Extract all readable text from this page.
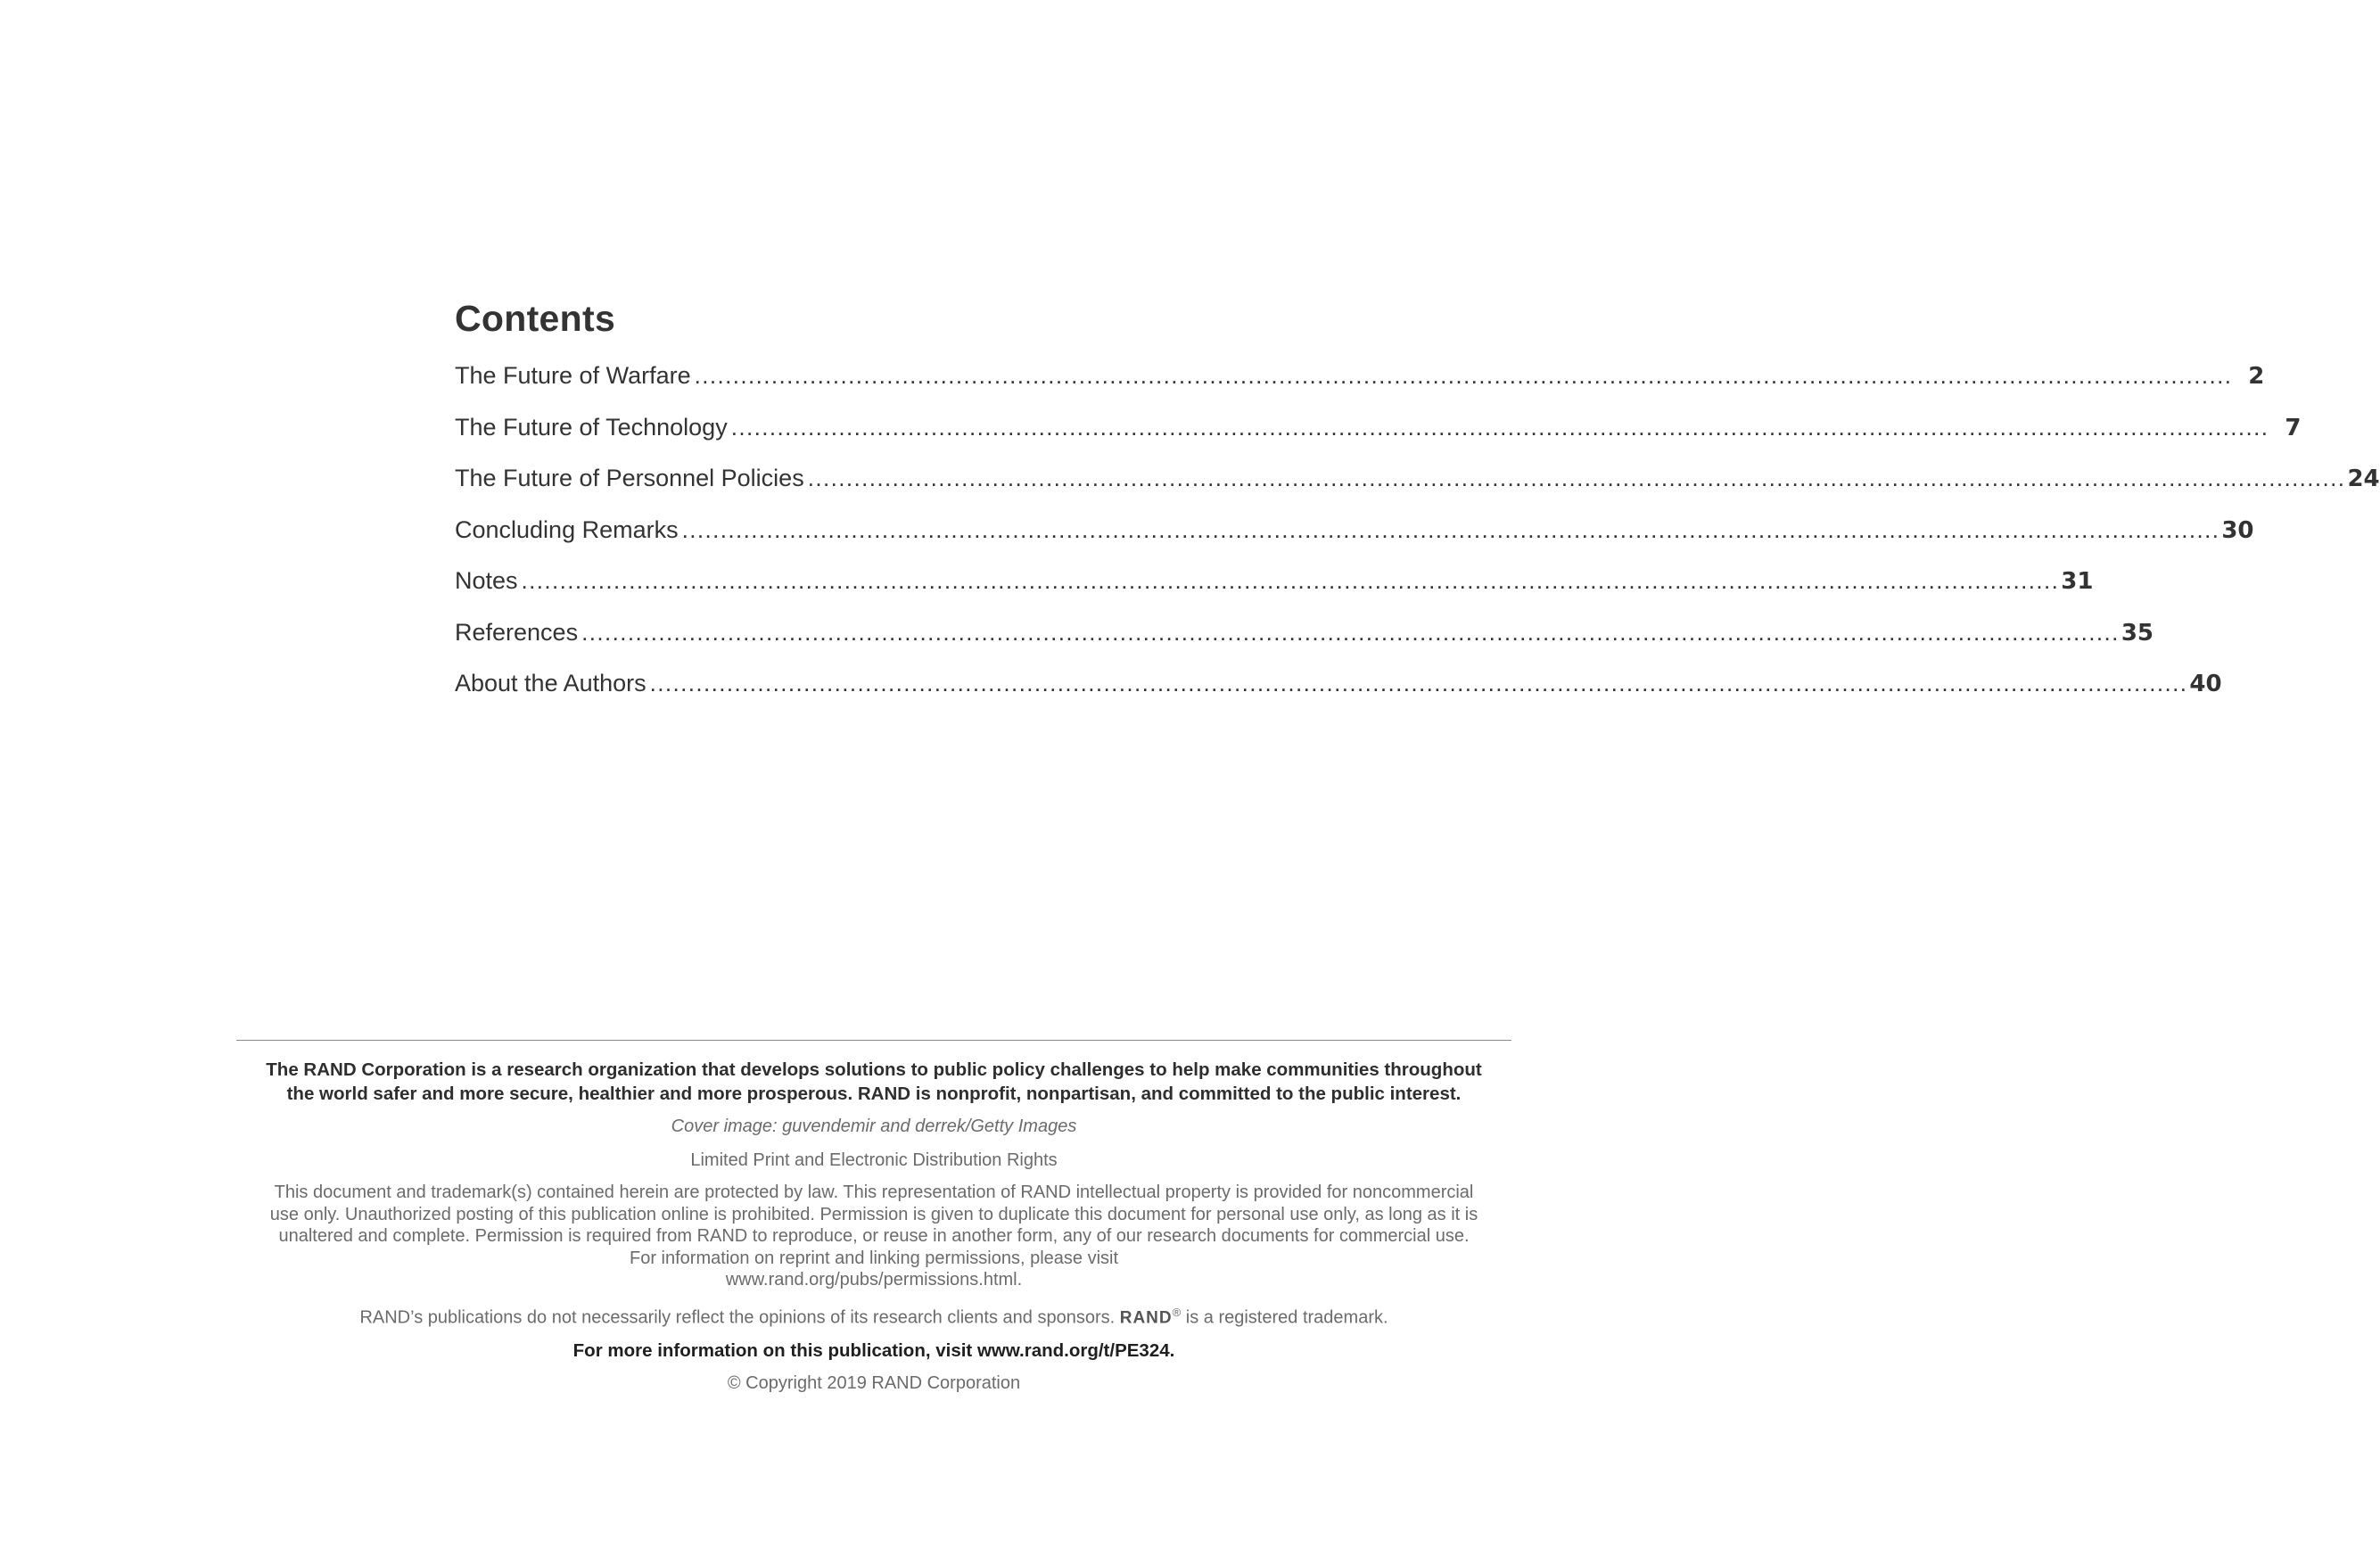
Contents
The Future of Warfare ........................................................................................................................................................................................................ 2
The Future of Technology ........................................................................................................................................................................................................ 7
The Future of Personnel Policies ........................................................................................................................................................................................................ 24
Concluding Remarks ........................................................................................................................................................................................................ 30
Notes ........................................................................................................................................................................................................ 31
References ........................................................................................................................................................................................................ 35
About the Authors ........................................................................................................................................................................................................ 40

The RAND Corporation is a research organization that develops solutions to public policy challenges to help make communities throughout
the world safer and more secure, healthier and more prosperous. RAND is nonprofit, nonpartisan, and committed to the public interest.

Cover image: guvendemir and derrek/Getty Images

Limited Print and Electronic Distribution Rights

This document and trademark(s) contained herein are protected by law. This representation of RAND intellectual property is provided for noncommercial
use only. Unauthorized posting of this publication online is prohibited. Permission is given to duplicate this document for personal use only, as long as it is
unaltered and complete. Permission is required from RAND to reproduce, or reuse in another form, any of our research documents for commercial use.
For information on reprint and linking permissions, please visit
www.rand.org/pubs/permissions.html.

RAND’s publications do not necessarily reflect the opinions of its research clients and sponsors. RAND® is a registered trademark.

For more information on this publication, visit www.rand.org/t/PE324.

© Copyright 2019 RAND Corporation
